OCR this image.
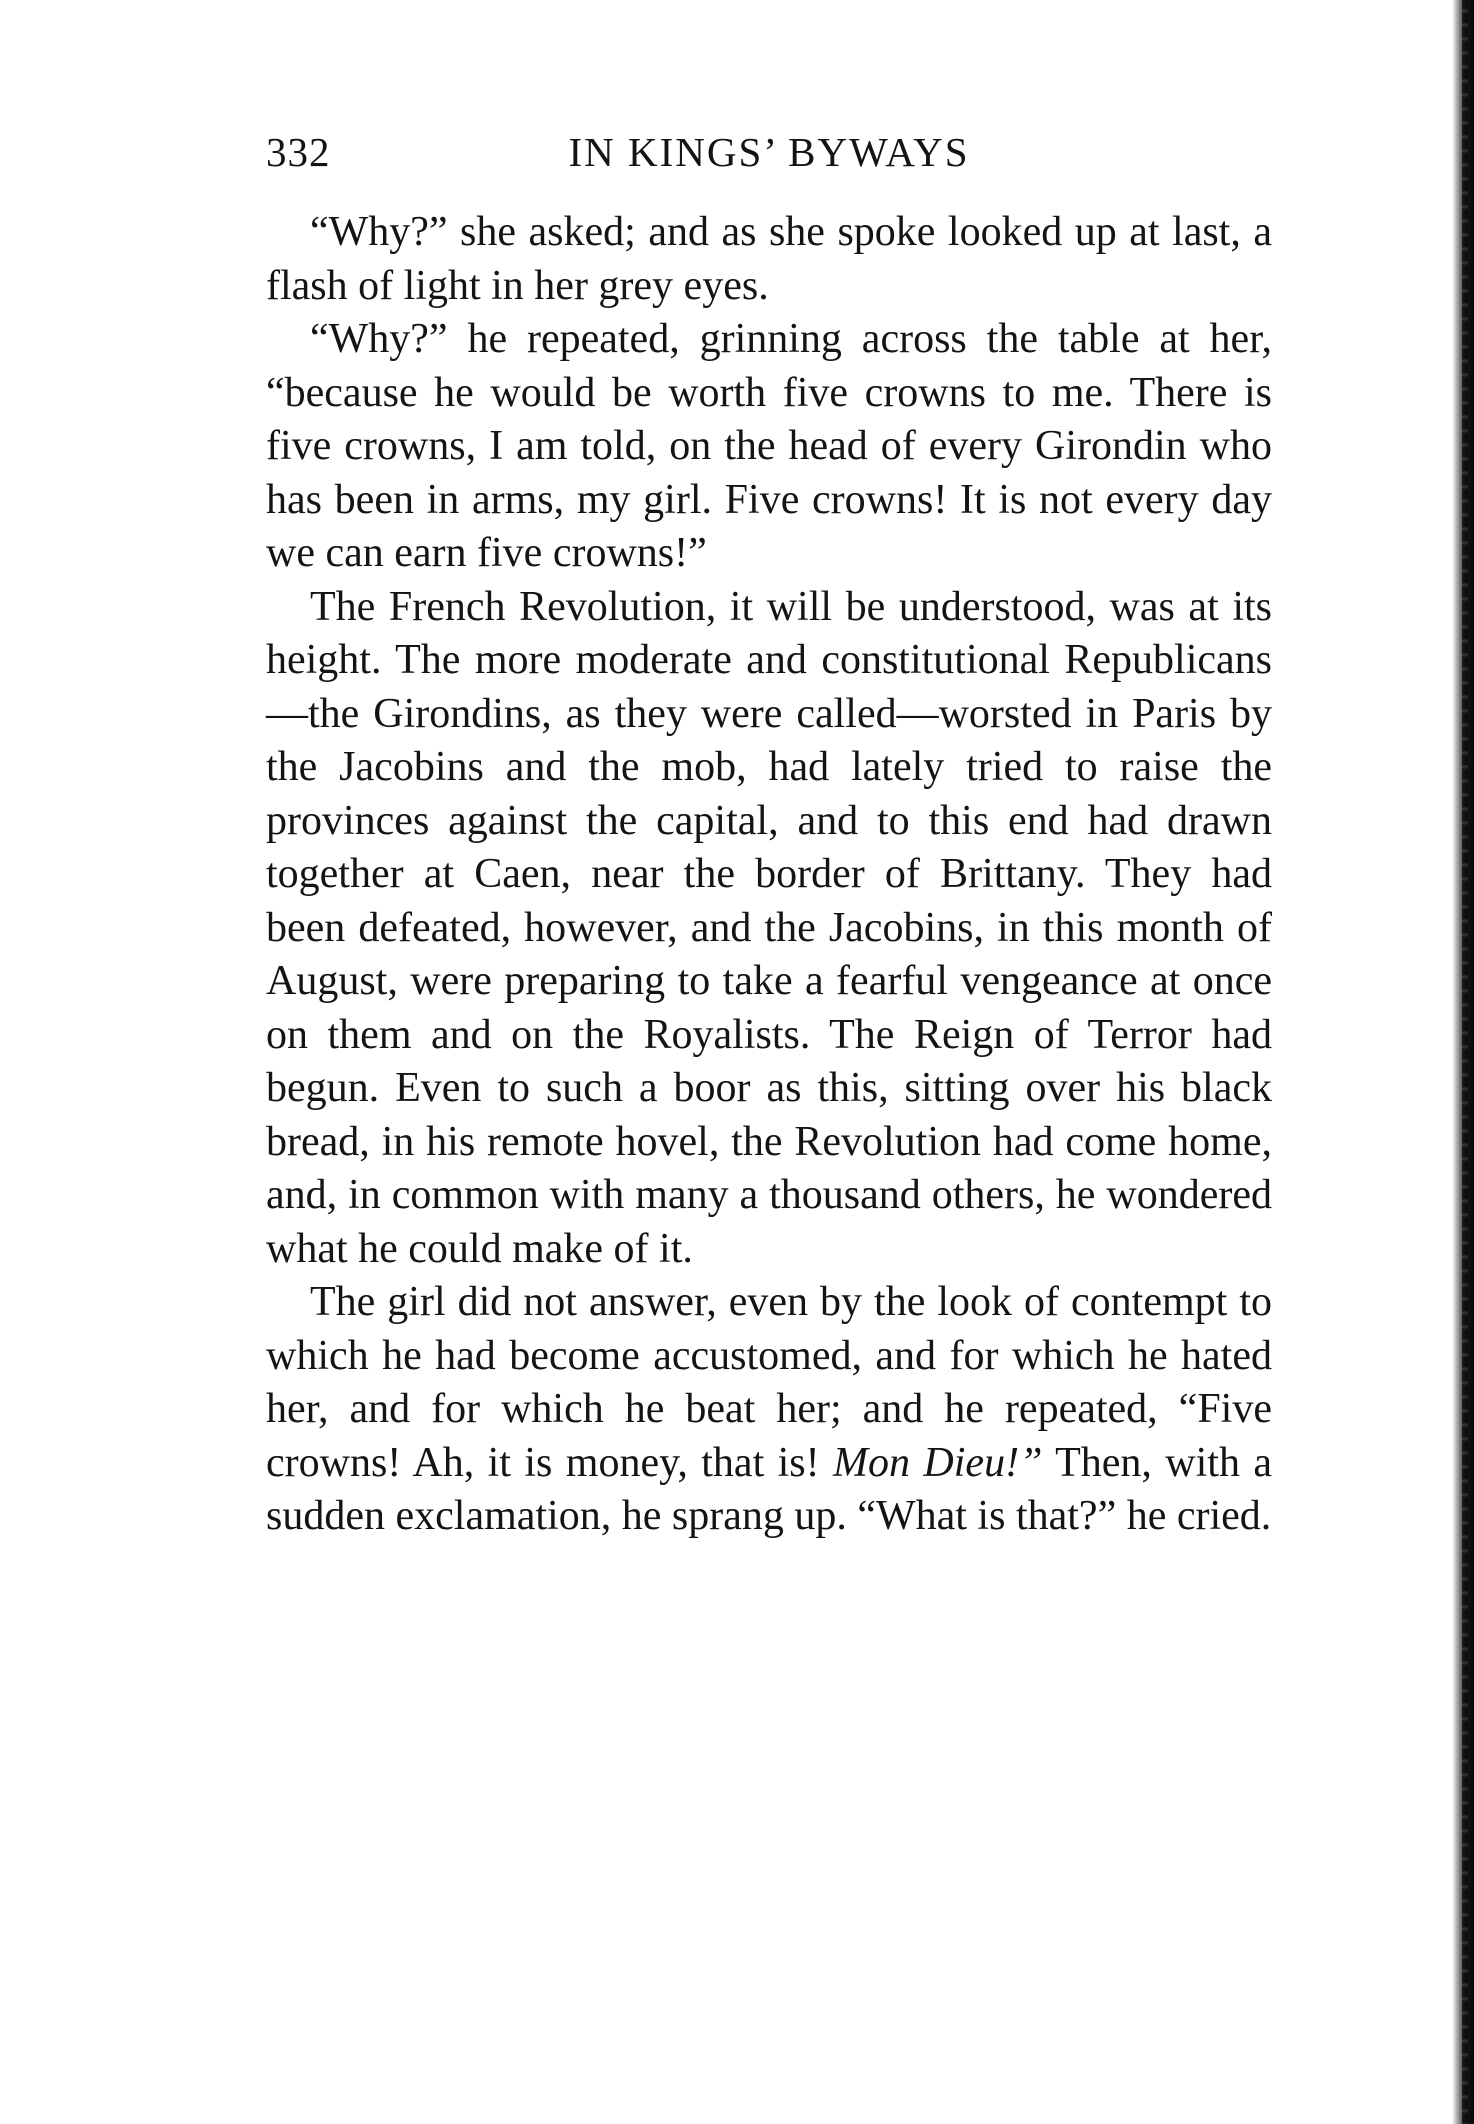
332	IN KINGS’ BYWAYS

“Why?” she asked; and as she spoke looked up at last, a flash of light in her grey eyes.

“Why?” he repeated, grinning across the table at her, “because he would be worth five crowns to me. There is five crowns, I am told, on the head of every Girondin who has been in arms, my girl. Five crowns! It is not every day we can earn five crowns!”

The French Revolution, it will be understood, was at its height. The more moderate and constitutional Republicans—the Girondins, as they were called—worsted in Paris by the Jacobins and the mob, had lately tried to raise the provinces against the capital, and to this end had drawn together at Caen, near the border of Brittany. They had been defeated, however, and the Jacobins, in this month of August, were preparing to take a fearful vengeance at once on them and on the Royalists. The Reign of Terror had begun. Even to such a boor as this, sitting over his black bread, in his remote hovel, the Revolution had come home, and, in common with many a thousand others, he wondered what he could make of it.

The girl did not answer, even by the look of contempt to which he had become accustomed, and for which he hated her, and for which he beat her; and he repeated, “Five crowns! Ah, it is money, that is! Mon Dieu!” Then, with a sudden exclamation, he sprang up. “What is that?” he cried.
